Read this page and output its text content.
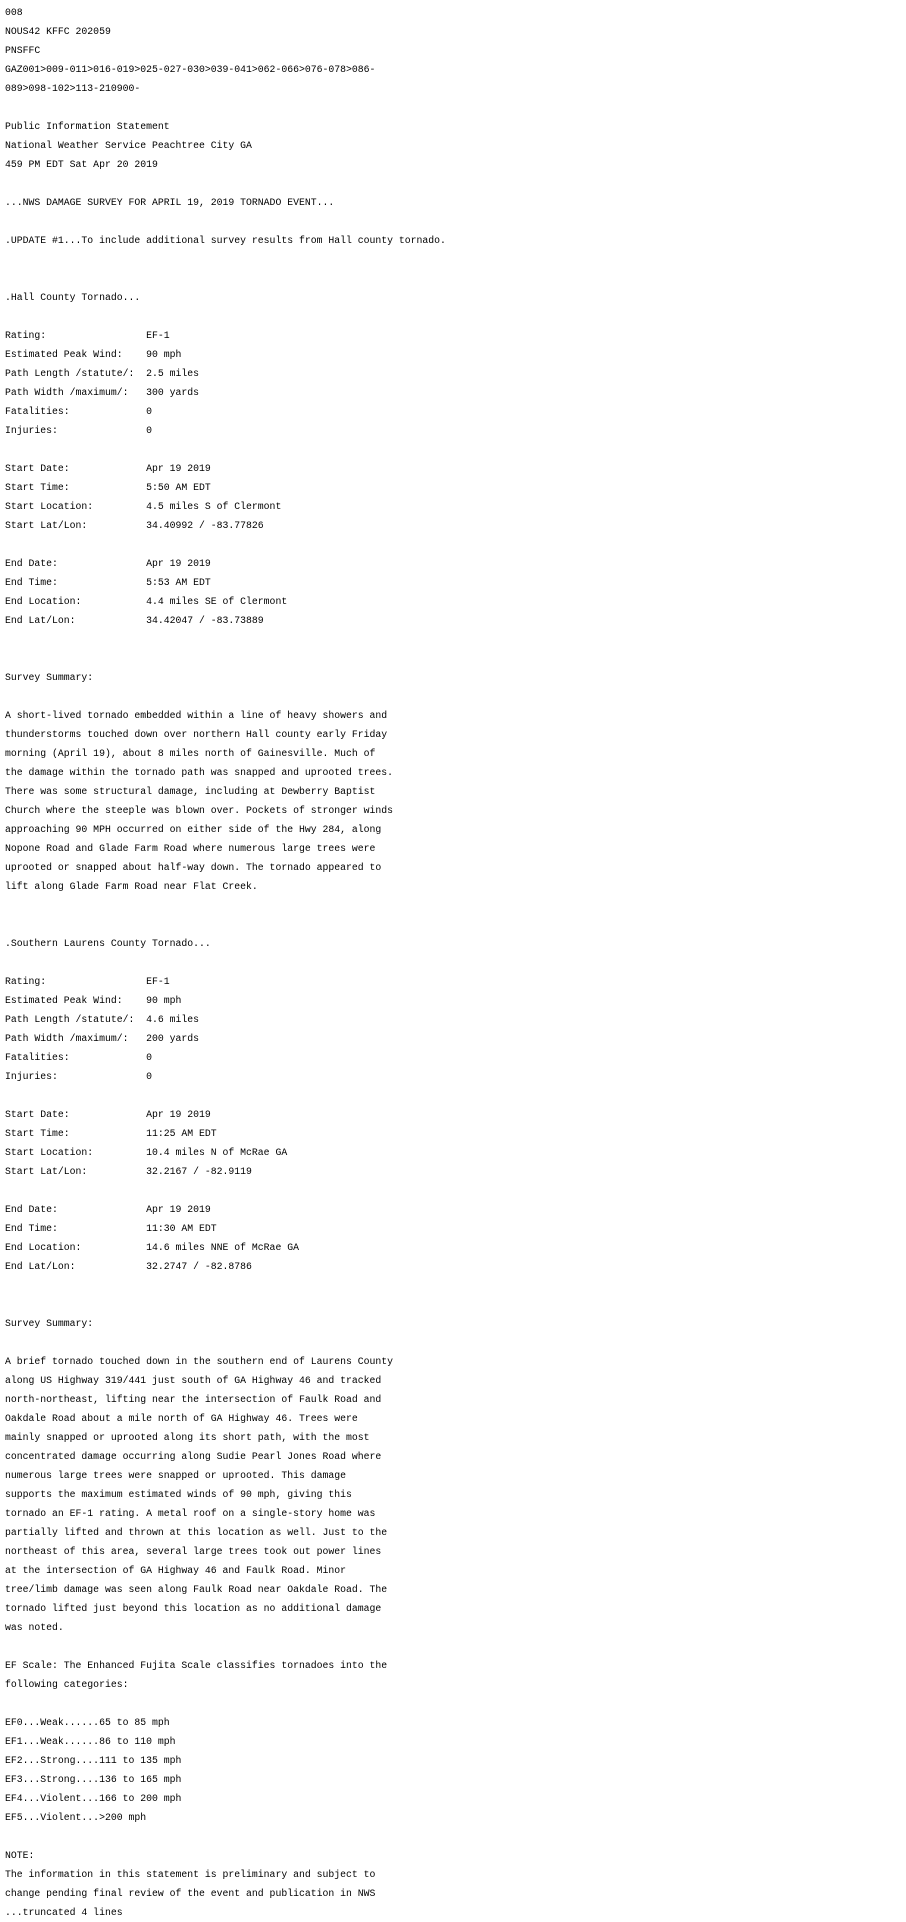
008
NOUS42 KFFC 202059
PNSFFC
GAZ001>009-011>016-019>025-027-030>039-041>062-066>076-078>086-
089>098-102>113-210900-

Public Information Statement
National Weather Service Peachtree City GA
459 PM EDT Sat Apr 20 2019

...NWS DAMAGE SURVEY FOR APRIL 19, 2019 TORNADO EVENT...

.UPDATE #1...To include additional survey results from Hall county tornado.

.Hall County Tornado...

Rating:                 EF-1
Estimated Peak Wind:    90 mph
Path Length /statute/:  2.5 miles
Path Width /maximum/:   300 yards
Fatalities:             0
Injuries:               0

Start Date:             Apr 19 2019
Start Time:             5:50 AM EDT
Start Location:         4.5 miles S of Clermont
Start Lat/Lon:          34.40992 / -83.77826

End Date:               Apr 19 2019
End Time:               5:53 AM EDT
End Location:           4.4 miles SE of Clermont
End Lat/Lon:            34.42047 / -83.73889

Survey Summary:

A short-lived tornado embedded within a line of heavy showers and
thunderstorms touched down over northern Hall county early Friday
morning (April 19), about 8 miles north of Gainesville. Much of
the damage within the tornado path was snapped and uprooted trees.
There was some structural damage, including at Dewberry Baptist
Church where the steeple was blown over. Pockets of stronger winds
approaching 90 MPH occurred on either side of the Hwy 284, along
Nopone Road and Glade Farm Road where numerous large trees were
uprooted or snapped about half-way down. The tornado appeared to
lift along Glade Farm Road near Flat Creek.

.Southern Laurens County Tornado...

Rating:                 EF-1
Estimated Peak Wind:    90 mph
Path Length /statute/:  4.6 miles
Path Width /maximum/:   200 yards
Fatalities:             0
Injuries:               0

Start Date:             Apr 19 2019
Start Time:             11:25 AM EDT
Start Location:         10.4 miles N of McRae GA
Start Lat/Lon:          32.2167 / -82.9119

End Date:               Apr 19 2019
End Time:               11:30 AM EDT
End Location:           14.6 miles NNE of McRae GA
End Lat/Lon:            32.2747 / -82.8786

Survey Summary:

A brief tornado touched down in the southern end of Laurens County
along US Highway 319/441 just south of GA Highway 46 and tracked
north-northeast, lifting near the intersection of Faulk Road and
Oakdale Road about a mile north of GA Highway 46. Trees were
mainly snapped or uprooted along its short path, with the most
concentrated damage occurring along Sudie Pearl Jones Road where
numerous large trees were snapped or uprooted. This damage
supports the maximum estimated winds of 90 mph, giving this
tornado an EF-1 rating. A metal roof on a single-story home was
partially lifted and thrown at this location as well. Just to the
northeast of this area, several large trees took out power lines
at the intersection of GA Highway 46 and Faulk Road. Minor
tree/limb damage was seen along Faulk Road near Oakdale Road. The
tornado lifted just beyond this location as no additional damage
was noted.

EF Scale: The Enhanced Fujita Scale classifies tornadoes into the
following categories:

EF0...Weak......65 to 85 mph
EF1...Weak......86 to 110 mph
EF2...Strong....111 to 135 mph
EF3...Strong....136 to 165 mph
EF4...Violent...166 to 200 mph
EF5...Violent...>200 mph

NOTE:
The information in this statement is preliminary and subject to
change pending final review of the event and publication in NWS
...truncated 4 lines
